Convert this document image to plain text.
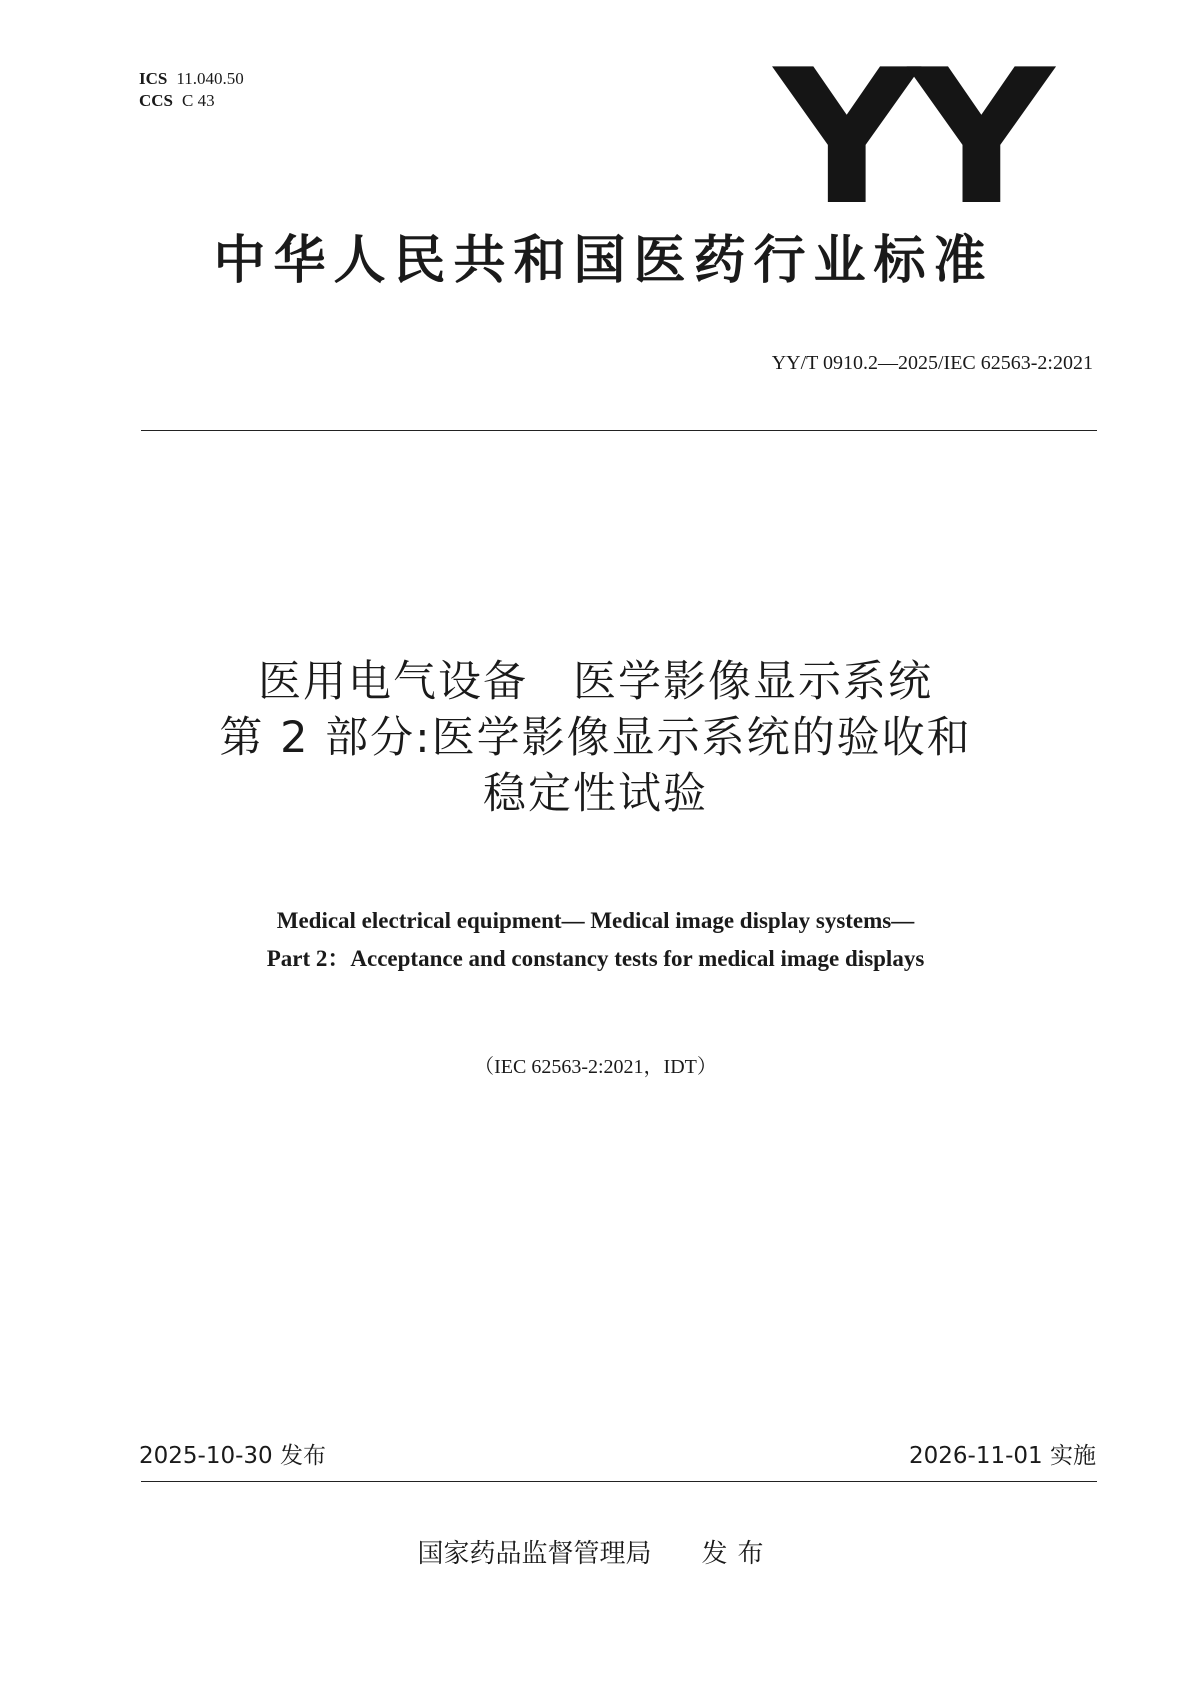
ICS 11.040.50
CCS C 43	YY
中华人民共和国医药行业标准
YY/T 0910.2—2025/IEC 62563-2:2021
医用电气设备　医学影像显示系统
第 2 部分:医学影像显示系统的验收和
稳定性试验
Medical electrical equipment— Medical image display systems—
Part 2：Acceptance and constancy tests for medical image displays
（IEC 62563-2:2021，IDT）
2025-10-30 发布	2026-11-01 实施
国家药品监督管理局 发布
